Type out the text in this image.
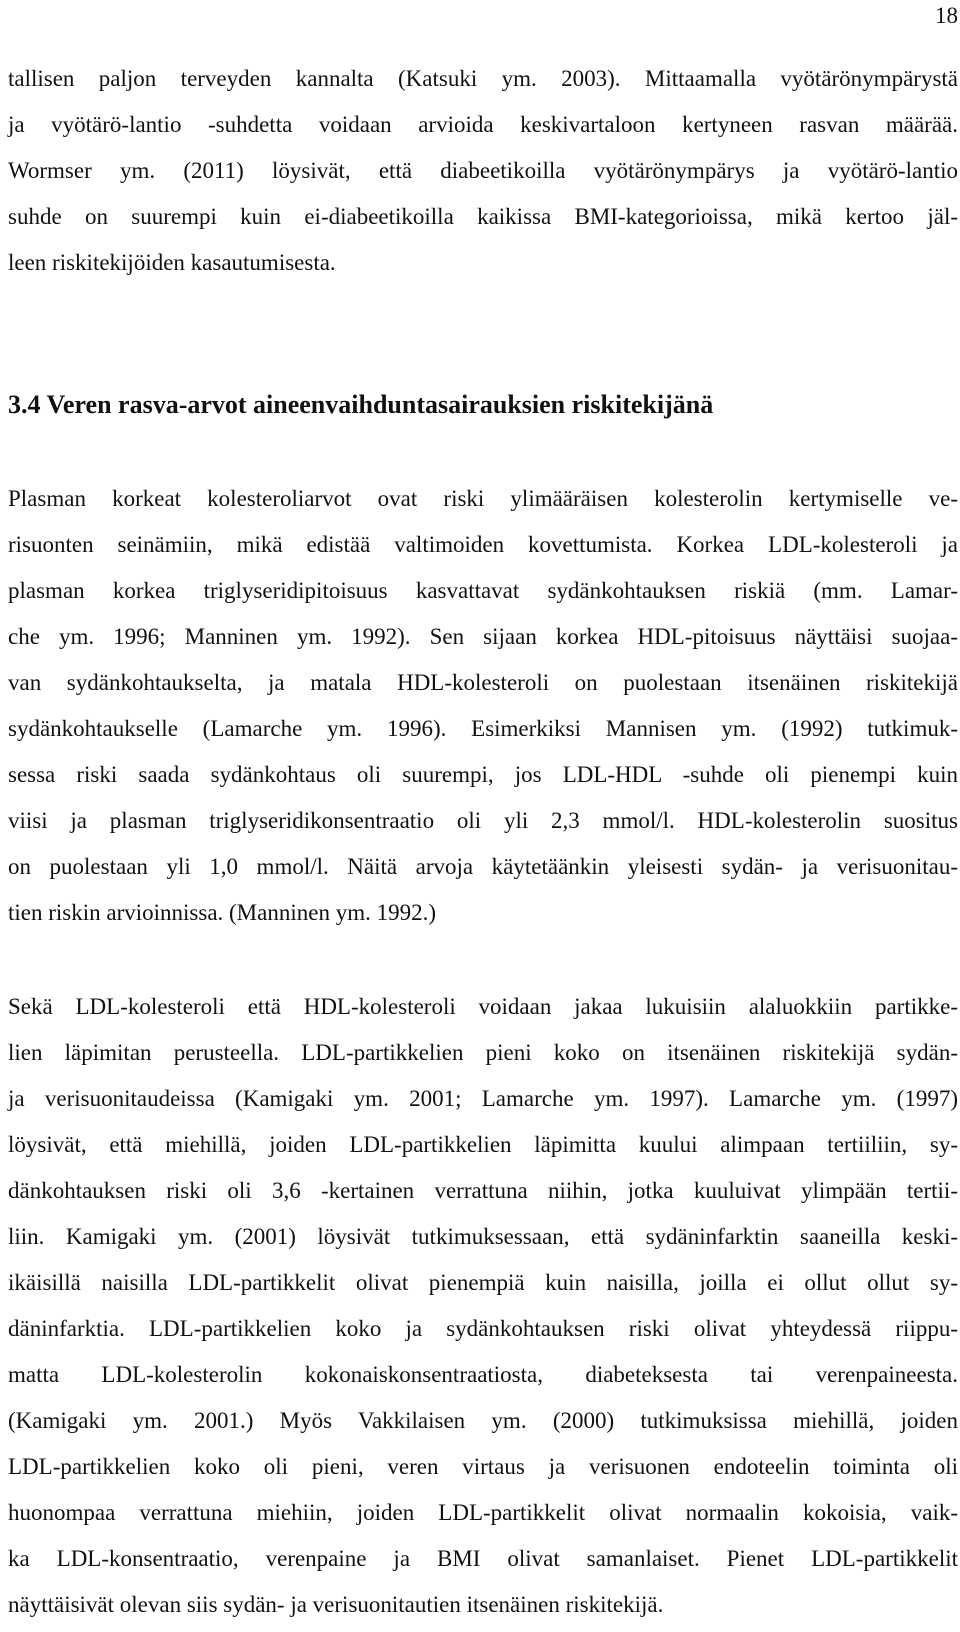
18
tallisen paljon terveyden kannalta (Katsuki ym. 2003). Mittaamalla vyötärönympärystä
ja vyötärö-lantio -suhdetta voidaan arvioida keskivartaloon kertyneen rasvan määrää.
Wormser ym. (2011) löysivät, että diabeetikoilla vyötärönympärys ja vyötärö-lantio
suhde on suurempi kuin ei-diabeetikoilla kaikissa BMI-kategorioissa, mikä kertoo jäl-
leen riskitekijöiden kasautumisesta.
3.4 Veren rasva-arvot aineenvaihduntasairauksien riskitekijänä
Plasman korkeat kolesteroliarvot ovat riski ylimääräisen kolesterolin kertymiselle ve-
risuonten seinämiin, mikä edistää valtimoiden kovettumista. Korkea LDL-kolesteroli ja
plasman korkea triglyseridipitoisuus kasvattavat sydänkohtauksen riskiä (mm. Lamar-
che ym. 1996; Manninen ym. 1992). Sen sijaan korkea HDL-pitoisuus näyttäisi suojaa-
van sydänkohtaukselta, ja matala HDL-kolesteroli on puolestaan itsenäinen riskitekijä
sydänkohtaukselle (Lamarche ym. 1996). Esimerkiksi Mannisen ym. (1992) tutkimuk-
sessa riski saada sydänkohtaus oli suurempi, jos LDL-HDL -suhde oli pienempi kuin
viisi ja plasman triglyseridikonsentraatio oli yli 2,3 mmol/l. HDL-kolesterolin suositus
on puolestaan yli 1,0 mmol/l. Näitä arvoja käytetäänkin yleisesti sydän- ja verisuonitau-
tien riskin arvioinnissa. (Manninen ym. 1992.)
Sekä LDL-kolesteroli että HDL-kolesteroli voidaan jakaa lukuisiin alaluokkiin partikke-
lien läpimitan perusteella. LDL-partikkelien pieni koko on itsenäinen riskitekijä sydän-
ja verisuonitaudeissa (Kamigaki ym. 2001; Lamarche ym. 1997). Lamarche ym. (1997)
löysivät, että miehillä, joiden LDL-partikkelien läpimitta kuului alimpaan tertiiliin, sy-
dänkohtauksen riski oli 3,6 -kertainen verrattuna niihin, jotka kuuluivat ylimpään tertii-
liin. Kamigaki ym. (2001) löysivät tutkimuksessaan, että sydäninfarktin saaneilla keski-
ikäisillä naisilla LDL-partikkelit olivat pienempiä kuin naisilla, joilla ei ollut ollut sy-
däninfarktia. LDL-partikkelien koko ja sydänkohtauksen riski olivat yhteydessä riippu-
matta LDL-kolesterolin kokonaiskonsentraatiosta, diabeteksesta tai verenpaineesta.
(Kamigaki ym. 2001.) Myös Vakkilaisen ym. (2000) tutkimuksissa miehillä, joiden
LDL-partikkelien koko oli pieni, veren virtaus ja verisuonen endoteelin toiminta oli
huonompaa verrattuna miehiin, joiden LDL-partikkelit olivat normaalin kokoisia, vaik-
ka LDL-konsentraatio, verenpaine ja BMI olivat samanlaiset. Pienet LDL-partikkelit
näyttäisivät olevan siis sydän- ja verisuonitautien itsenäinen riskitekijä.
